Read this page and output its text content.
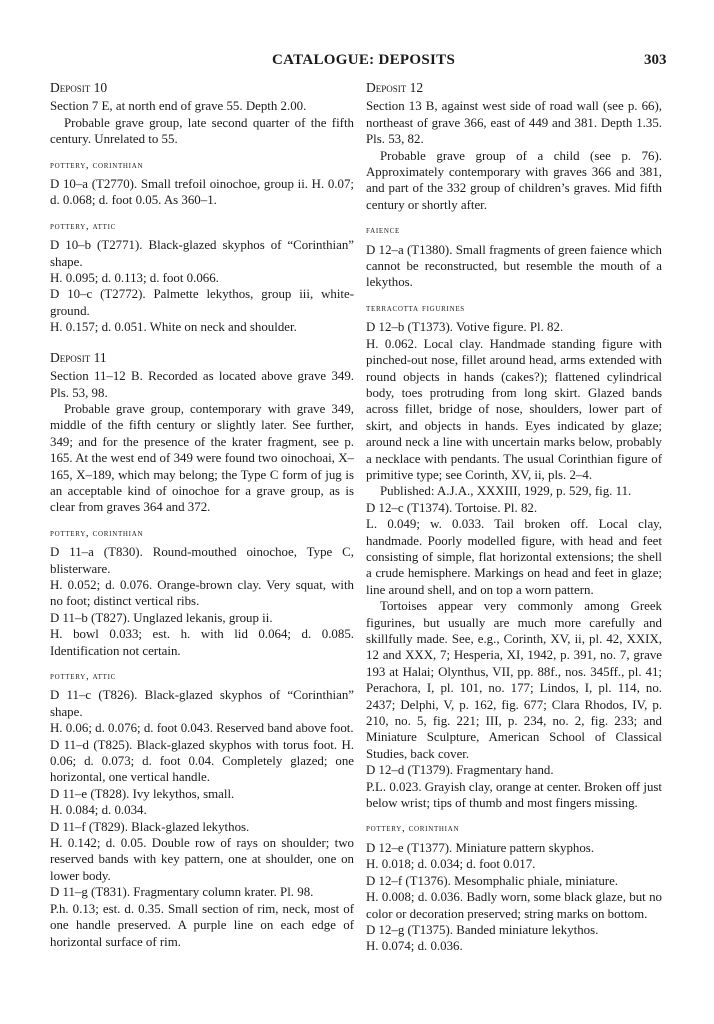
CATALOGUE: DEPOSITS	303
Deposit 10
Section 7 E, at north end of grave 55. Depth 2.00.
Probable grave group, late second quarter of the fifth century. Unrelated to 55.
pottery, corinthian
D 10–a (T2770). Small trefoil oinochoe, group ii. H. 0.07; d. 0.068; d. foot 0.05. As 360–1.
pottery, attic
D 10–b (T2771). Black-glazed skyphos of “Corinthian” shape.
H. 0.095; d. 0.113; d. foot 0.066.
D 10–c (T2772). Palmette lekythos, group iii, white-ground.
H. 0.157; d. 0.051. White on neck and shoulder.
Deposit 11
Section 11–12 B. Recorded as located above grave 349. Pls. 53, 98.
Probable grave group, contemporary with grave 349, middle of the fifth century or slightly later. See further, 349; and for the presence of the krater fragment, see p. 165. At the west end of 349 were found two oinochoai, X–165, X–189, which may belong; the Type C form of jug is an acceptable kind of oinochoe for a grave group, as is clear from graves 364 and 372.
pottery, corinthian
D 11–a (T830). Round-mouthed oinochoe, Type C, blisterware.
H. 0.052; d. 0.076. Orange-brown clay. Very squat, with no foot; distinct vertical ribs.
D 11–b (T827). Unglazed lekanis, group ii.
H. bowl 0.033; est. h. with lid 0.064; d. 0.085. Identification not certain.
pottery, attic
D 11–c (T826). Black-glazed skyphos of “Corinthian” shape.
H. 0.06; d. 0.076; d. foot 0.043. Reserved band above foot.
D 11–d (T825). Black-glazed skyphos with torus foot. H. 0.06; d. 0.073; d. foot 0.04. Completely glazed; one horizontal, one vertical handle.
D 11–e (T828). Ivy lekythos, small.
H. 0.084; d. 0.034.
D 11–f (T829). Black-glazed lekythos.
H. 0.142; d. 0.05. Double row of rays on shoulder; two reserved bands with key pattern, one at shoulder, one on lower body.
D 11–g (T831). Fragmentary column krater. Pl. 98.
P.h. 0.13; est. d. 0.35. Small section of rim, neck, most of one handle preserved. A purple line on each edge of horizontal surface of rim.
Deposit 12
Section 13 B, against west side of road wall (see p. 66), northeast of grave 366, east of 449 and 381. Depth 1.35. Pls. 53, 82.
Probable grave group of a child (see p. 76). Approximately contemporary with graves 366 and 381, and part of the 332 group of children’s graves. Mid fifth century or shortly after.
faience
D 12–a (T1380). Small fragments of green faience which cannot be reconstructed, but resemble the mouth of a lekythos.
terracotta figurines
D 12–b (T1373). Votive figure. Pl. 82.
H. 0.062. Local clay. Handmade standing figure with pinched-out nose, fillet around head, arms extended with round objects in hands (cakes?); flattened cylindrical body, toes protruding from long skirt. Glazed bands across fillet, bridge of nose, shoulders, lower part of skirt, and objects in hands. Eyes indicated by glaze; around neck a line with uncertain marks below, probably a necklace with pendants. The usual Corinthian figure of primitive type; see Corinth, XV, ii, pls. 2–4.
Published: A.J.A., XXXIII, 1929, p. 529, fig. 11.
D 12–c (T1374). Tortoise. Pl. 82.
L. 0.049; w. 0.033. Tail broken off. Local clay, handmade. Poorly modelled figure, with head and feet consisting of simple, flat horizontal extensions; the shell a crude hemisphere. Markings on head and feet in glaze; line around shell, and on top a worn pattern.
Tortoises appear very commonly among Greek figurines, but usually are much more carefully and skillfully made. See, e.g., Corinth, XV, ii, pl. 42, XXIX, 12 and XXX, 7; Hesperia, XI, 1942, p. 391, no. 7, grave 193 at Halai; Olynthus, VII, pp. 88f., nos. 345ff., pl. 41; Perachora, I, pl. 101, no. 177; Lindos, I, pl. 114, no. 2437; Delphi, V, p. 162, fig. 677; Clara Rhodos, IV, p. 210, no. 5, fig. 221; III, p. 234, no. 2, fig. 233; and Miniature Sculpture, American School of Classical Studies, back cover.
D 12–d (T1379). Fragmentary hand.
P.L. 0.023. Grayish clay, orange at center. Broken off just below wrist; tips of thumb and most fingers missing.
pottery, corinthian
D 12–e (T1377). Miniature pattern skyphos.
H. 0.018; d. 0.034; d. foot 0.017.
D 12–f (T1376). Mesomphalic phiale, miniature.
H. 0.008; d. 0.036. Badly worn, some black glaze, but no color or decoration preserved; string marks on bottom.
D 12–g (T1375). Banded miniature lekythos.
H. 0.074; d. 0.036.
